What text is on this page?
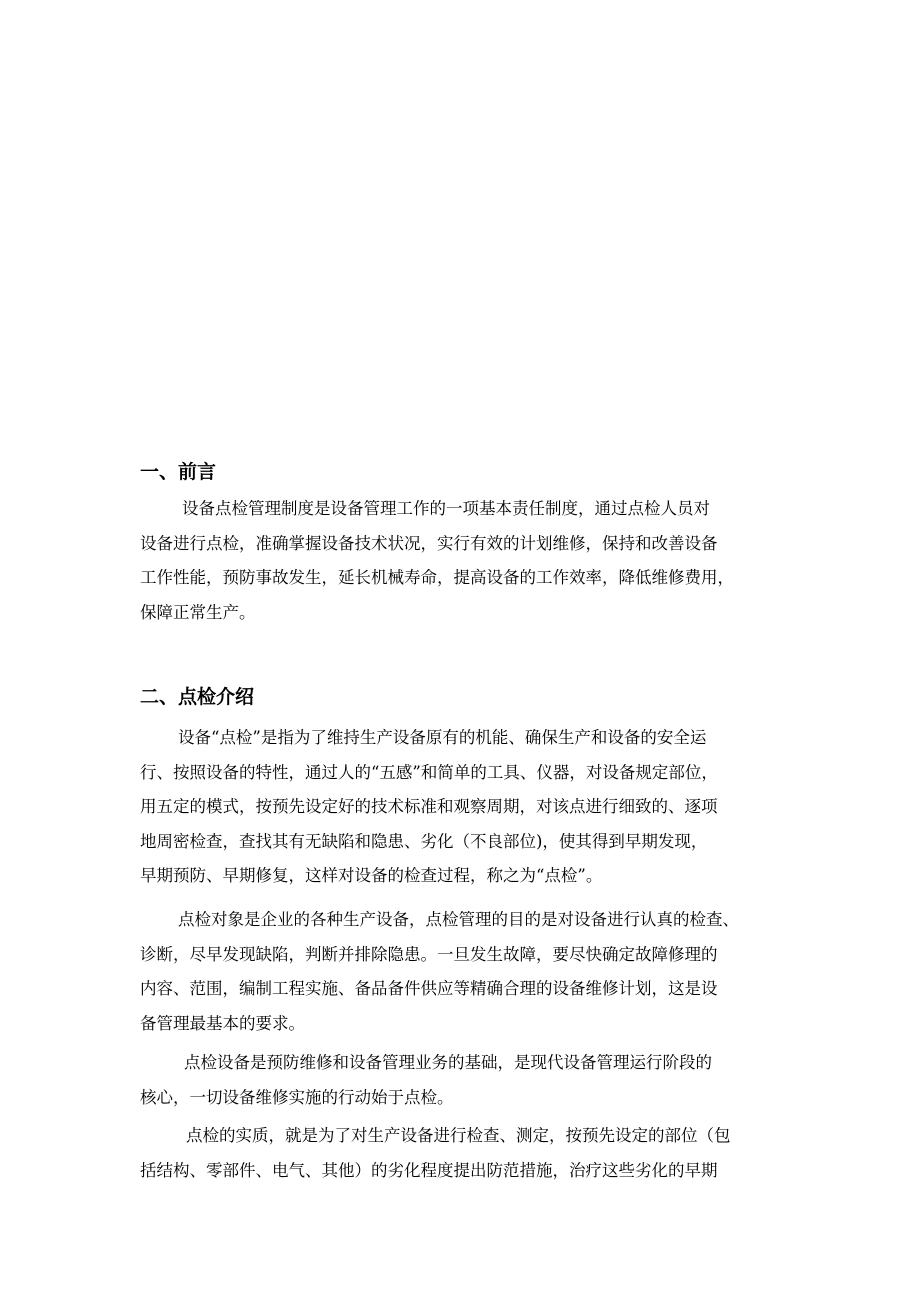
一、前言
设备点检管理制度是设备管理工作的一项基本责任制度，通过点检人员对
设备进行点检，准确掌握设备技术状况，实行有效的计划维修，保持和改善设备
工作性能，预防事故发生，延长机械寿命，提高设备的工作效率，降低维修费用，
保障正常生产。
二、点检介绍
设备“点检”是指为了维持生产设备原有的机能、确保生产和设备的安全运
行、按照设备的特性，通过人的“五感”和简单的工具、仪器，对设备规定部位，
用五定的模式，按预先设定好的技术标准和观察周期，对该点进行细致的、逐项
地周密检查，查找其有无缺陷和隐患、劣化（不良部位)，使其得到早期发现，
早期预防、早期修复，这样对设备的检查过程，称之为“点检”。
点检对象是企业的各种生产设备，点检管理的目的是对设备进行认真的检查、
诊断，尽早发现缺陷，判断并排除隐患。一旦发生故障，要尽快确定故障修理的
内容、范围，编制工程实施、备品备件供应等精确合理的设备维修计划，这是设
备管理最基本的要求。
点检设备是预防维修和设备管理业务的基础，是现代设备管理运行阶段的
核心，一切设备维修实施的行动始于点检。
点检的实质，就是为了对生产设备进行检查、测定，按预先设定的部位（包
括结构、零部件、电气、其他）的劣化程度提出防范措施，治疗这些劣化的早期
